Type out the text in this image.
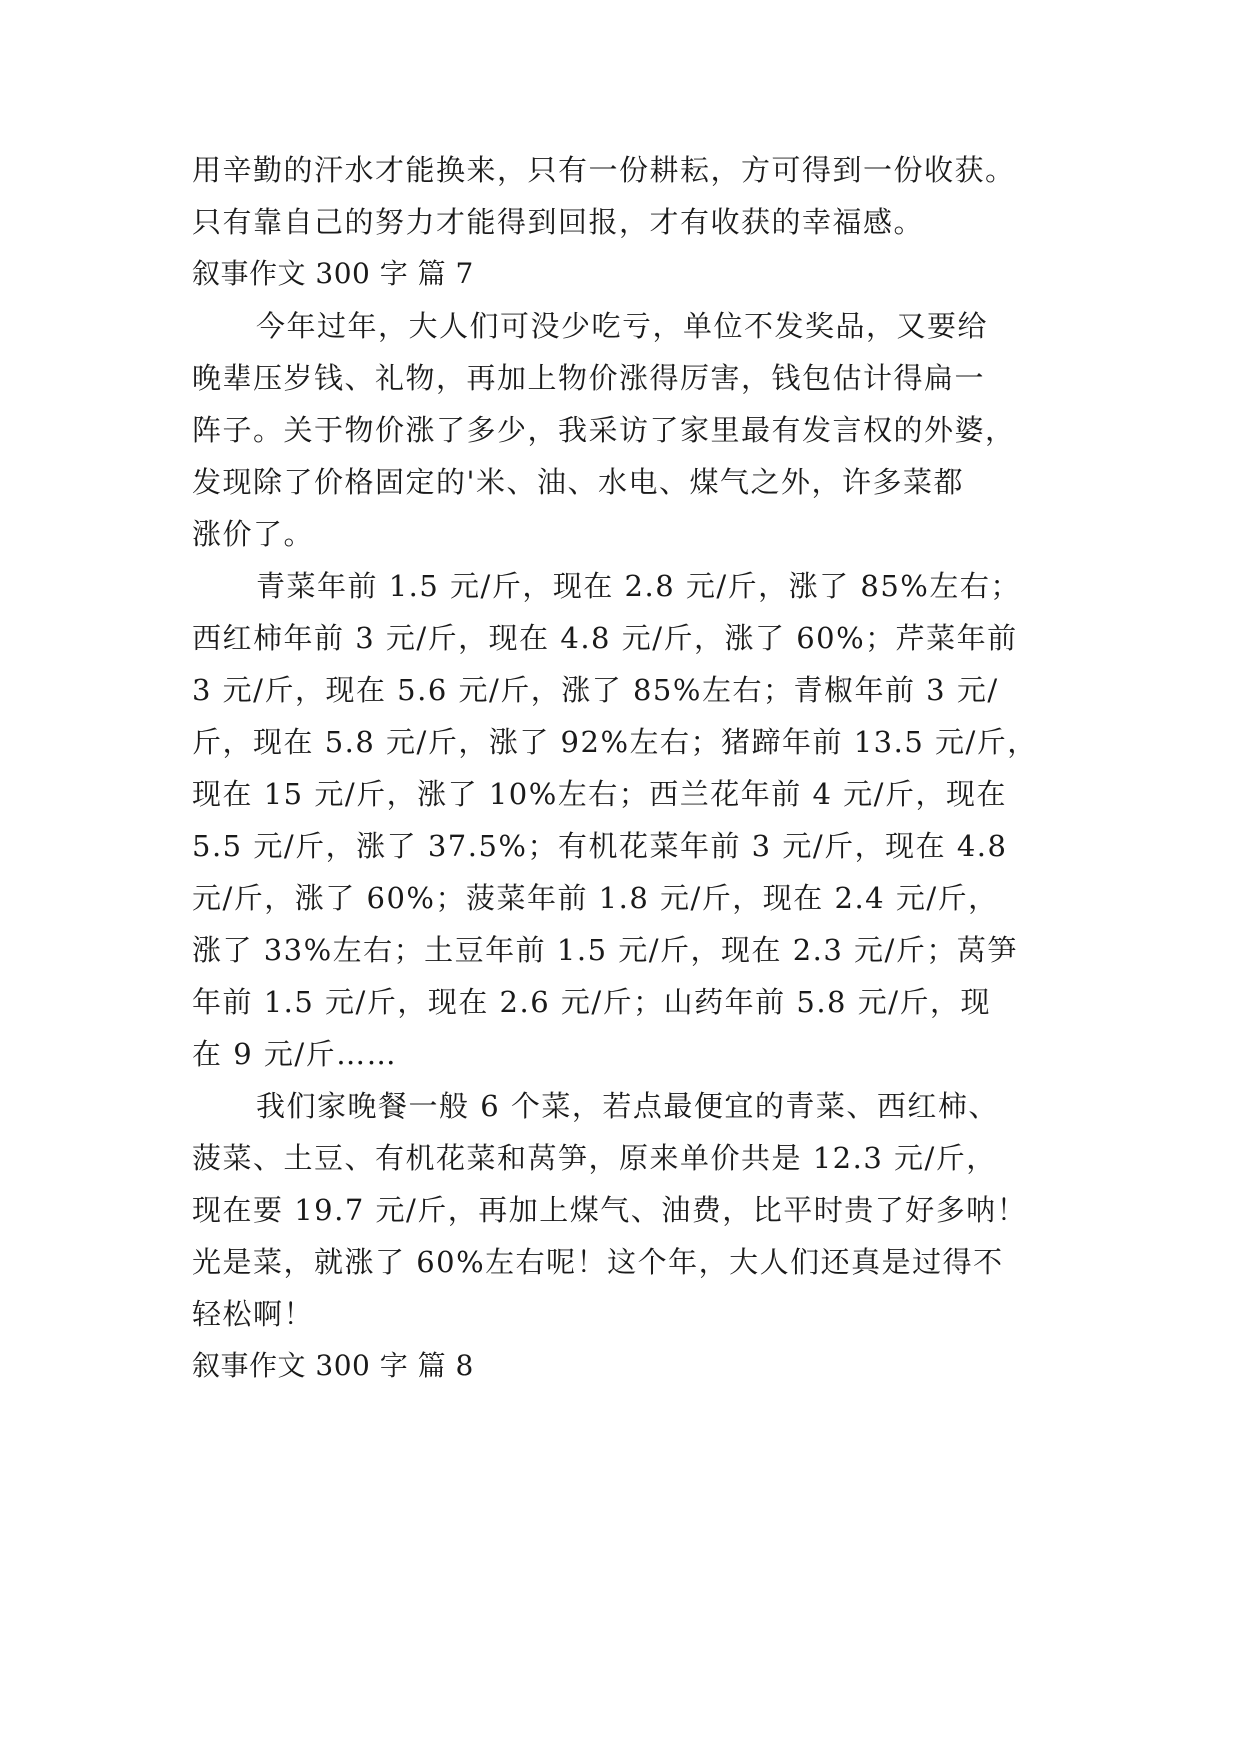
用辛勤的汗水才能换来，只有一份耕耘，方可得到一份收获。
只有靠自己的努力才能得到回报，才有收获的幸福感。
叙事作文 300 字 篇 7
今年过年，大人们可没少吃亏，单位不发奖品，又要给
晚辈压岁钱、礼物，再加上物价涨得厉害，钱包估计得扁一
阵子。关于物价涨了多少，我采访了家里最有发言权的外婆，
发现除了价格固定的'米、油、水电、煤气之外，许多菜都
涨价了。
青菜年前 1.5 元/斤，现在 2.8 元/斤，涨了 85%左右；
西红柿年前 3 元/斤，现在 4.8 元/斤，涨了 60%；芹菜年前
3 元/斤，现在 5.6 元/斤，涨了 85%左右；青椒年前 3 元/
斤，现在 5.8 元/斤，涨了 92%左右；猪蹄年前 13.5 元/斤，
现在 15 元/斤，涨了 10%左右；西兰花年前 4 元/斤，现在
5.5 元/斤，涨了 37.5%；有机花菜年前 3 元/斤，现在 4.8
元/斤，涨了 60%；菠菜年前 1.8 元/斤，现在 2.4 元/斤，
涨了 33%左右；土豆年前 1.5 元/斤，现在 2.3 元/斤；莴笋
年前 1.5 元/斤，现在 2.6 元/斤；山药年前 5.8 元/斤，现
在 9 元/斤……
我们家晚餐一般 6 个菜，若点最便宜的青菜、西红柿、
菠菜、土豆、有机花菜和莴笋，原来单价共是 12.3 元/斤，
现在要 19.7 元/斤，再加上煤气、油费，比平时贵了好多呐！
光是菜，就涨了 60%左右呢！这个年，大人们还真是过得不
轻松啊！
叙事作文 300 字 篇 8
